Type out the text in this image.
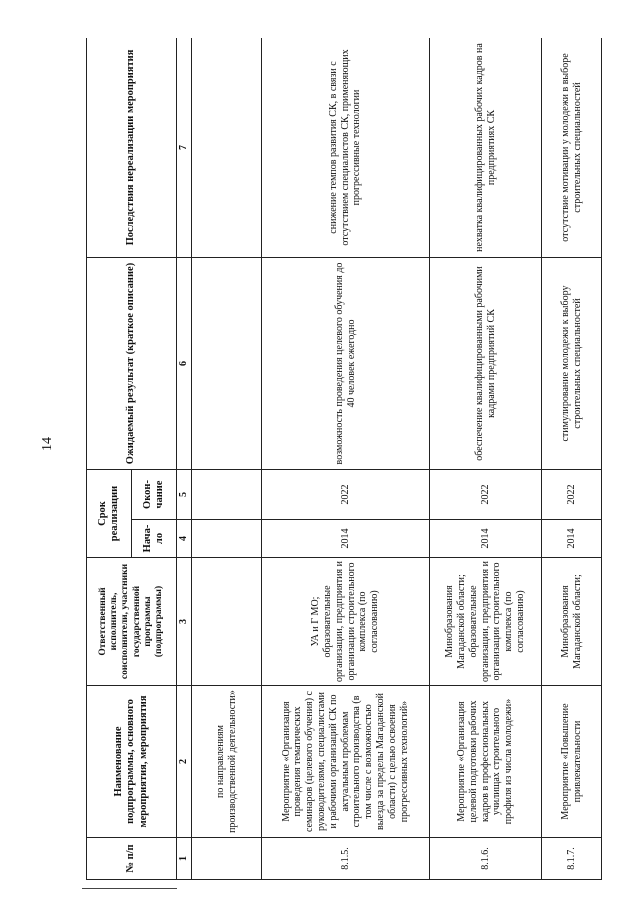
14
№ п/п	Наименование подпрограммы, основного мероприятия, мероприятия	Ответственный исполнитель, соисполнители, участники государственной программы (подпрограммы)	Срок реализации		Ожидаемый результат (краткое описание)	Последствия нереализации мероприятия
			Нача-ло	Окон-чание		
1	2	3	4	5	6	7
	по направлениям производственной деятельности»					
8.1.5.	Мероприятие «Организация проведения тематических семинаров (целевого обучения) с руководителями, специалистами и рабочими организаций СК по актуальным проблемам строительного производства (в том числе с возможностью выезда за пределы Магаданской области) с целью освоения прогрессивных технологий»	УА и Г МО; образовательные организации, предприятия и организации строительного комплекса (по согласованию)	2014	2022	возможность проведения целевого обучения до 40 человек ежегодно	снижение темпов развития СК, в связи с отсутствием специалистов СК, применяющих прогрессивные технологии
8.1.6.	Мероприятие «Организация целевой подготовки рабочих кадров в профессиональных училищах строительного профиля из числа молодежи»	Минобразования Магаданской области; образовательные организации, предприятия и организации строительного комплекса (по согласованию)	2014	2022	обеспечение квалифицированными рабочими кадрами предприятий СК	нехватка квалифицированных рабочих кадров на предприятиях СК
8.1.7.	Мероприятие «Повышение привлекательности	Минобразования Магаданской области;	2014	2022	стимулирование молодежи к выбору строительных специальностей	отсутствие мотивации у молодежи в выборе строительных специальностей
